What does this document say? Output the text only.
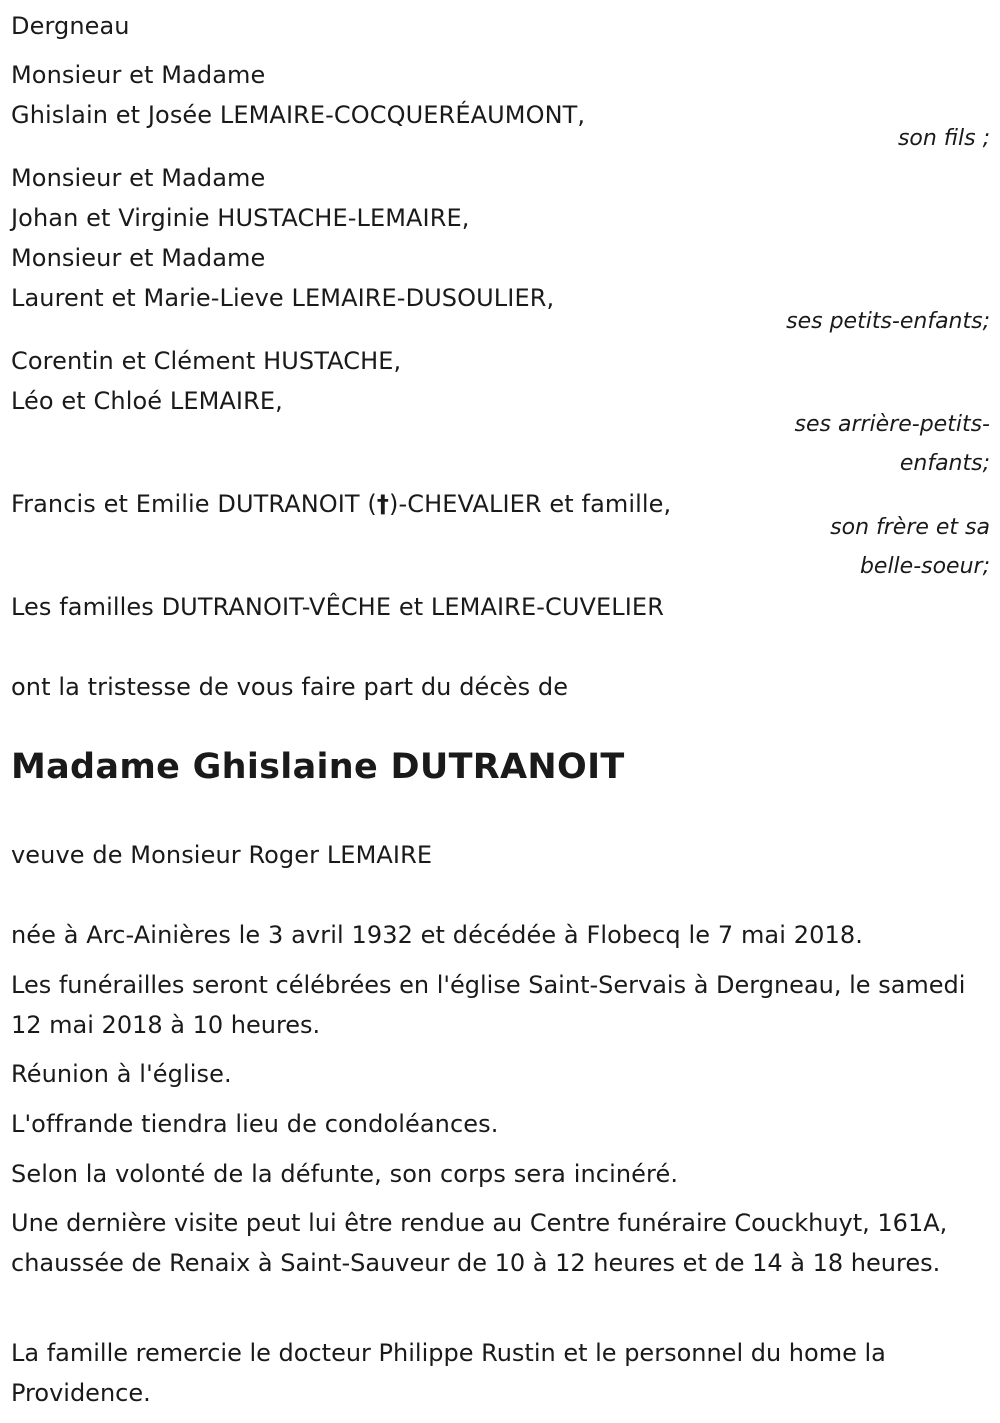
Dergneau
Monsieur et Madame
Ghislain et Josée LEMAIRE-COCQUERÉAUMONT,
son fils ;
Monsieur et Madame
Johan et Virginie HUSTACHE-LEMAIRE,
Monsieur et Madame
Laurent et Marie-Lieve LEMAIRE-DUSOULIER,
ses petits-enfants;
Corentin et Clément HUSTACHE,
Léo et Chloé LEMAIRE,
ses arrière-petits-
enfants;
Francis et Emilie DUTRANOIT (†)-CHEVALIER et famille,
son frère et sa
belle-soeur;
Les familles DUTRANOIT-VÊCHE et LEMAIRE-CUVELIER
ont la tristesse de vous faire part du décès de
Madame Ghislaine DUTRANOIT
veuve de Monsieur Roger LEMAIRE
née à Arc-Ainières le 3 avril 1932 et décédée à Flobecq le 7 mai 2018.
Les funérailles seront célébrées en l'église Saint-Servais à Dergneau, le samedi 12 mai 2018 à 10 heures.
Réunion à l'église.
L'offrande tiendra lieu de condoléances.
Selon la volonté de la défunte, son corps sera incinéré.
Une dernière visite peut lui être rendue au Centre funéraire Couckhuyt, 161A, chaussée de Renaix à Saint-Sauveur de 10 à 12 heures et de 14 à 18 heures.
La famille remercie le docteur Philippe Rustin et le personnel du home la Providence.
